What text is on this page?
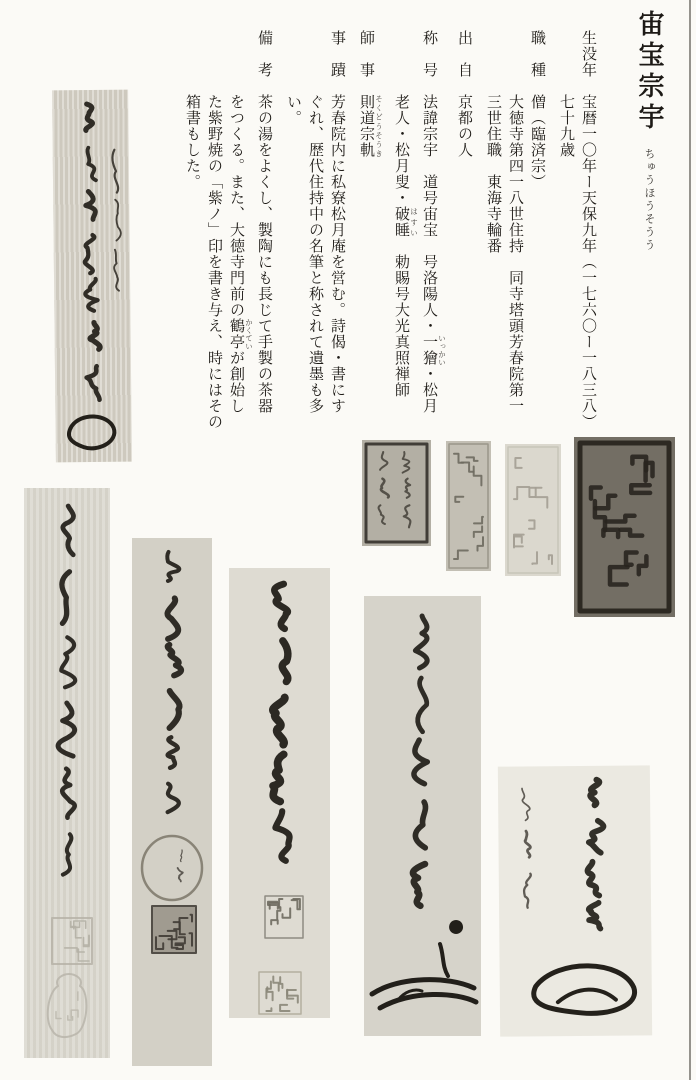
宙宝宗宇ちゅうほうそうう
生没年　宝暦一〇年ー天保九年（一七六〇ー一八三八）
七十九歳
職　種　僧（臨済宗）
大徳寺第四一八世住持　同寺塔頭芳春院第一
三世住職　東海寺輪番
出　自　京都の人
称　号　法諱宗宇　道号宙宝　号洛陽人・一獪いっかい・松月
老人・松月叟・破睡はすい　勅賜号大光真照禅師
師　事　則道宗軌そくどうそうき
事　蹟　芳春院内に私寮松月庵を営む。詩偈・書にす
ぐれ、歴代住持中の名筆と称されて遺墨も多
い。
備　考　茶の湯をよくし、製陶にも長じて手製の茶器
をつくる。また、大徳寺門前の鶴亭かくていが創始し
た紫野焼の「紫ノ」印を書き与え、時にはその
箱書もした。
